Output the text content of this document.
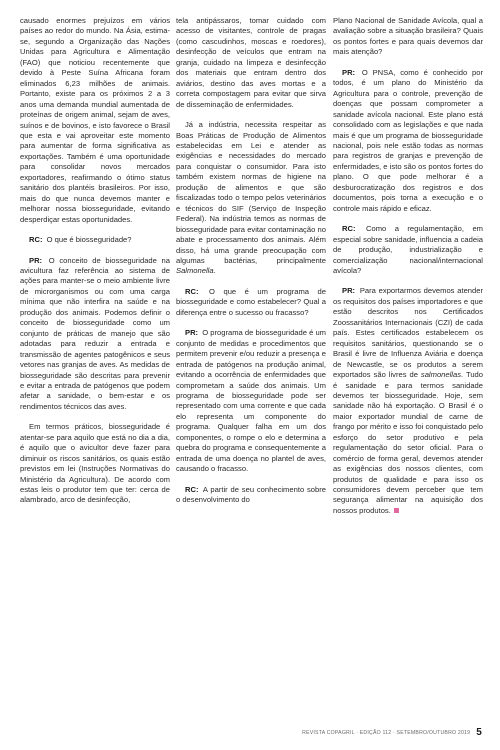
causado enormes prejuízos em vários países ao redor do mundo. Na Ásia, estima-se, segundo a Organização das Nações Unidas para Agricultura e Alimentação (FAO) que noticiou recentemente que devido à Peste Suína Africana foram eliminados 6,23 milhões de animais. Portanto, existe para os próximos 2 a 3 anos uma demanda mundial aumentada de proteínas de origem animal, sejam de aves, suínos e de bovinos, e isto favorece o Brasil que esta e vai aproveitar este momento para aumentar de forma significativa as exportações. Também é uma oportunidade para consolidar novos mercados exportadores, reafirmando o ótimo status sanitário dos plantéis brasileiros. Por isso, mais do que nunca devemos manter e melhorar nossa biosseguridade, evitando desperdiçar estas oportunidades.

RC: O que é biosseguridade?

PR: O conceito de biosseguridade na avicultura faz referência ao sistema de ações para manter-se o meio ambiente livre de microrganismos ou com uma carga mínima que não interfira na saúde e na produção dos animais. Podemos definir o conceito de biosseguridade como um conjunto de práticas de manejo que são adotadas para reduzir a entrada e transmissão de agentes patogênicos e seus vetores nas granjas de aves. As medidas de biosseguridade são descritas para prevenir e evitar a entrada de patógenos que podem afetar a sanidade, o bem-estar e os rendimentos técnicos das aves.

Em termos práticos, biosseguridade é atentar-se para aquilo que está no dia a dia, é aquilo que o avicultor deve fazer para diminuir os riscos sanitários, os quais estão previstos em lei (Instruções Normativas do Ministério da Agricultura). De acordo com estas leis o produtor tem que ter: cerca de alambrado, arco de desinfecção,

tela antipássaros, tomar cuidado com acesso de visitantes, controle de pragas (como cascudinhos, moscas e roedores), desinfecção de veículos que entram na granja, cuidado na limpeza e desinfecção dos materiais que entram dentro dos aviários, destino das aves mortas e a correta compostagem para evitar que sirva de disseminação de enfermidades.

Já a indústria, necessita respeitar as Boas Práticas de Produção de Alimentos estabelecidas em Lei e atender as exigências e necessidades do mercado para conquistar o consumidor. Para isto também existem normas de higiene na produção de alimentos e que são fiscalizadas todo o tempo pelos veterinários e técnicos do SIF (Serviço de Inspeção Federal). Na indústria temos as normas de biosseguridade para evitar contaminação no abate e processamento dos animais. Além disso, há uma grande preocupação com algumas bactérias, principalmente Salmonella.

RC: O que é um programa de biosseguridade e como estabelecer? Qual a diferença entre o sucesso ou fracasso?

PR: O programa de biosseguridade é um conjunto de medidas e procedimentos que permitem prevenir e/ou reduzir a presença e entrada de patógenos na produção animal, evitando a ocorrência de enfermidades que comprometam a saúde dos animais. Um programa de biosseguridade pode ser representado com uma corrente e que cada elo representa um componente do programa. Qualquer falha em um dos componentes, o rompe o elo e determina a quebra do programa e consequentemente a entrada de uma doença no plantel de aves, causando o fracasso.

RC: A partir de seu conhecimento sobre o desenvolvimento do

Plano Nacional de Sanidade Avícola, qual a avaliação sobre a situação brasileira? Quais os pontos fortes e para quais devemos dar mais atenção?

PR: O PNSA, como é conhecido por todos, é um plano do Ministério da Agricultura para o controle, prevenção de doenças que possam comprometer a sanidade avícola nacional. Este plano está consolidado com as legislações e que nada mais é que um programa de biosseguridade nacional, pois nele estão todas as normas para registros de granjas e prevenção de enfermidades, e isto são os pontos fortes do plano. O que pode melhorar é a desburocratização dos registros e dos documentos, pois torna a execução e o controle mais rápido e eficaz.

RC: Como a regulamentação, em especial sobre sanidade, influencia a cadeia de produção, industrialização e comercialização nacional/internacional avícola?

PR: Para exportarmos devemos atender os requisitos dos países importadores e que estão descritos nos Certificados Zoossanitários Internacionais (CZI) de cada país. Estes certificados estabelecem os requisitos sanitários, questionando se o Brasil é livre de Influenza Aviária e doença de Newcastle, se os produtos a serem exportados são livres de salmonellas. Tudo é sanidade e para termos sanidade devemos ter biosseguridade. Hoje, sem sanidade não há exportação. O Brasil é o maior exportador mundial de carne de frango por mérito e isso foi conquistado pelo esforço do setor produtivo e pela regulamentação do setor oficial. Para o comércio de forma geral, devemos atender as exigências dos nossos clientes, com produtos de qualidade e para isso os consumidores devem perceber que tem segurança alimentar na aquisição dos nossos produtos.

REVISTA COPAGRIL · EDIÇÃO 112 · SETEMBRO/OUTUBRO 2019 5
